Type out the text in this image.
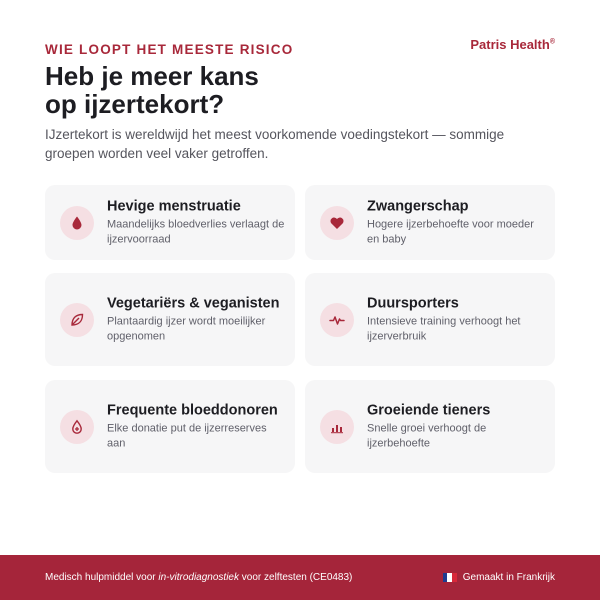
WIE LOOPT HET MEESTE RISICO	Patris Health®
Heb je meer kans
op ijzertekort?

IJzertekort is wereldwijd het meest voorkomende voedingstekort — sommige groepen worden veel vaker getroffen.

Hevige menstruatie
Maandelijks bloedverlies verlaagt de ijzervoorraad
Zwangerschap
Hogere ijzerbehoefte voor moeder en baby
Vegetariërs & veganisten
Plantaardig ijzer wordt moeilijker opgenomen
Duursporters
Intensieve training verhoogt het ijzerverbruik
Frequente bloeddonoren
Elke donatie put de ijzerreserves aan
Groeiende tieners
Snelle groei verhoogt de ijzerbehoefte
Medisch hulpmiddel voor in-vitrodiagnostiek voor zelftesten (CE0483)	Gemaakt in Frankrijk
